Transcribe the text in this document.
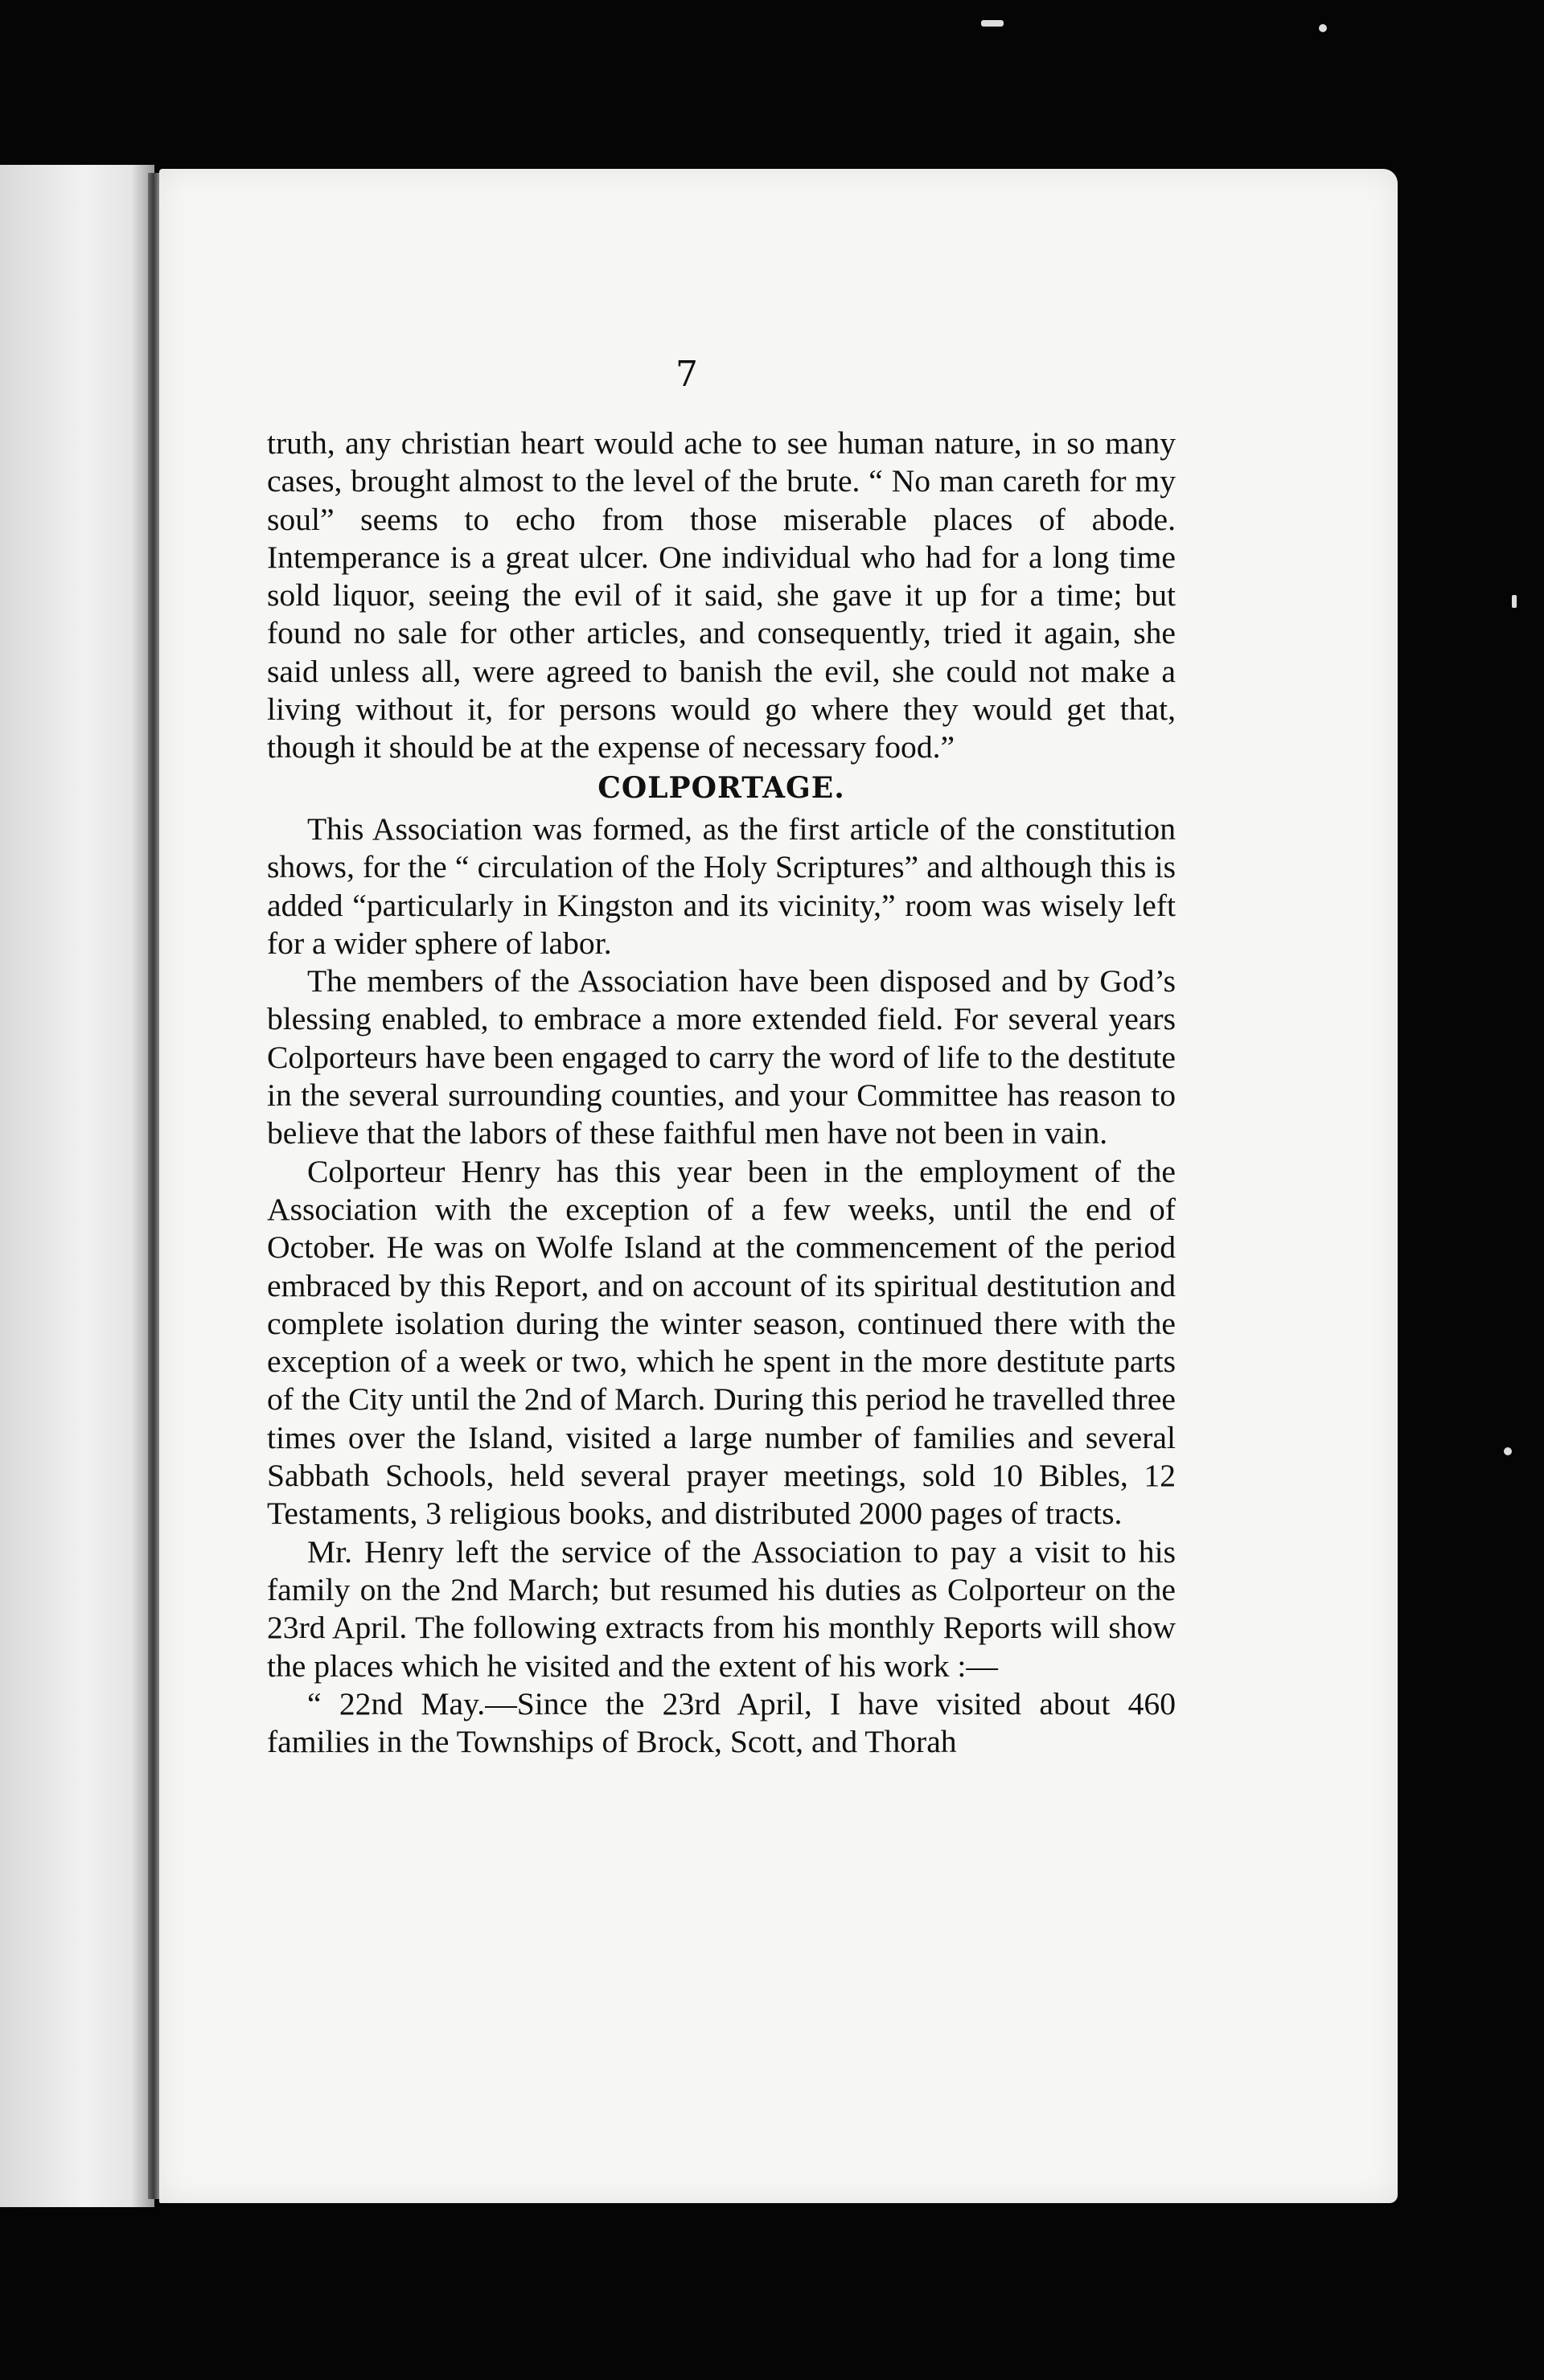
7

truth, any christian heart would ache to see human nature, in so many cases, brought almost to the level of the brute. “ No man careth for my soul” seems to echo from those miserable places of abode. Intemperance is a great ulcer. One individual who had for a long time sold liquor, seeing the evil of it said, she gave it up for a time; but found no sale for other articles, and consequently, tried it again, she said unless all, were agreed to banish the evil, she could not make a living without it, for persons would go where they would get that, though it should be at the expense of necessary food.”

COLPORTAGE.

This Association was formed, as the first article of the constitution shows, for the “ circulation of the Holy Scriptures” and although this is added “particularly in Kingston and its vicinity,” room was wisely left for a wider sphere of labor.

The members of the Association have been disposed and by God’s blessing enabled, to embrace a more extended field. For several years Colporteurs have been engaged to carry the word of life to the destitute in the several surrounding counties, and your Committee has reason to believe that the labors of these faithful men have not been in vain.

Colporteur Henry has this year been in the employment of the Association with the exception of a few weeks, until the end of October. He was on Wolfe Island at the commencement of the period embraced by this Report, and on account of its spiritual destitution and complete isolation during the winter season, continued there with the exception of a week or two, which he spent in the more destitute parts of the City until the 2nd of March. During this period he travelled three times over the Island, visited a large number of families and several Sabbath Schools, held several prayer meetings, sold 10 Bibles, 12 Testaments, 3 religious books, and distributed 2000 pages of tracts.

Mr. Henry left the service of the Association to pay a visit to his family on the 2nd March; but resumed his duties as Colporteur on the 23rd April. The following extracts from his monthly Reports will show the places which he visited and the extent of his work :—

“ 22nd May.—Since the 23rd April, I have visited about 460 families in the Townships of Brock, Scott, and Thorah
